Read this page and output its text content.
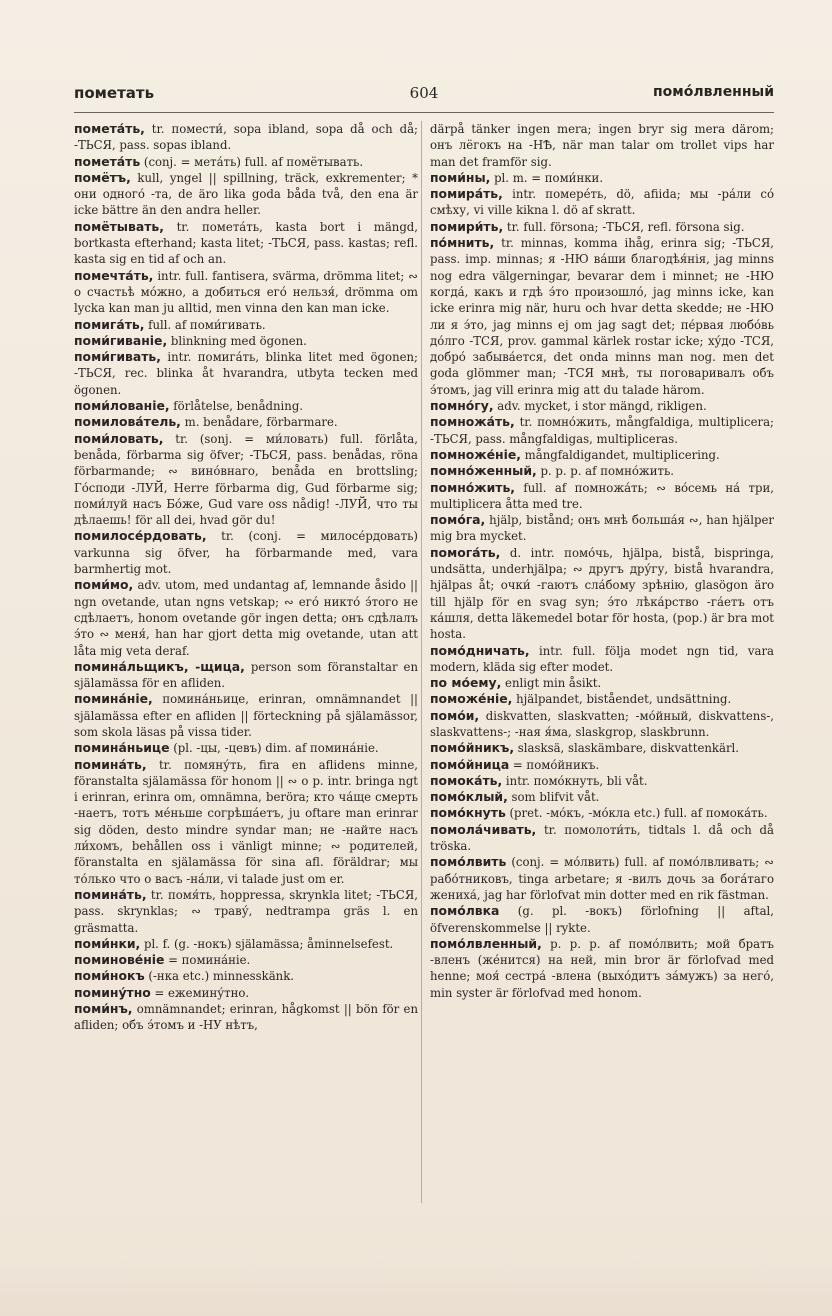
пометать	604	помо́лвленный

помета́ть, tr. помести́, sopa ibland, sopa då och då; -ТЬСЯ, pass. sopas ibland.

помета́ть (conj. = мета́ть) full. af помётывать.

помётъ, kull, yngel || spillning, träck, exkrementer; * они одного́ -та, de äro lika goda båda två, den ena är icke bättre än den andra heller.

помётывать, tr. помета́ть, kasta bort i mängd, bortkasta efterhand; kasta litet; -ТЬСЯ, pass. kastas; refl. kasta sig en tid af och an.

помечта́ть, intr. full. fantisera, svärma, drömma litet; ∾ о счастьѣ мо́жно, а добиться его́ нельзя́, drömma om lycka kan man ju alltid, men vinna den kan man icke.

помига́ть, full. af поми́гивать.

поми́гиванiе, blinkning med ögonen.

поми́гивать, intr. помига́ть, blinka litet med ögonen; -ТЬСЯ, rec. blinka åt hvarandra, utbyta tecken med ögonen.

поми́лованiе, förlåtelse, benådning.

помилова́тель, m. benådare, förbarmare.

поми́ловать, tr. (sonj. = ми́ловать) full. förlåta, benåda, förbarma sig öfver; -ТЬСЯ, pass. benådas, röna förbarmande; ∾ вино́внаго, benåda en brottsling; Го́споди -ЛУЙ, Herre förbarma dig, Gud förbarme sig; поми́луй насъ Бо́же, Gud vare oss nådig! -ЛУЙ, что ты дѣлаешь! för all dei, hvad gör du!

помилосе́рдовать, tr. (conj. = милосе́рдовать) varkunna sig öfver, ha förbarmande med, vara barmhertig mot.

поми́мо, adv. utom, med undantag af, lemnande åsido || ngn ovetande, utan ngns vetskap; ∾ его́ никто́ э́того не сдѣлаетъ, honom ovetande gör ingen detta; онъ сдѣлалъ э́то ∾ меня́, han har gjort detta mig ovetande, utan att låta mig veta deraf.

помина́льщикъ, -щица, person som föranstaltar en själamässa för en afliden.

помина́нiе, помина́ньице, erinran, omnämnandet || själamässa efter en afliden || förteckning på själamässor, som skola läsas på vissa tider.

помина́ньице (pl. -цы, -цевъ) dim. af помина́нiе.

помина́ть, tr. помяну́ть, fira en aflidens minne, föranstalta själamässa för honom || ∾ о p. intr. bringa ngt i erinran, erinra om, omnämna, beröra; кто ча́ще смерть -наетъ, тотъ ме́ньше согрѣша́етъ, ju oftare man erinrar sig döden, desto mindre syndar man; не -найте насъ ли́хомъ, behållen oss i vänligt minne; ∾ родителей, föranstalta en själamässa för sina afl. föräldrar; мы то́лько что о васъ -на́ли, vi talade just om er.

помина́ть, tr. помя́ть, hoppressa, skrynkla litet; -ТЬСЯ, pass. skrynklas; ∾ траву́, nedtrampa gräs l. en gräsmatta.

поми́нки, pl. f. (g. -нокъ) själamässa; åminnelsefest.

поминове́нiе = помина́нiе.

поми́нокъ (-нка etc.) minnesskänk.

помину́тно = ежемину́тно.

поми́нъ, omnämnandet; erinran, hågkomst || bön för en afliden; объ э́томъ и -НУ нѣтъ,

därpå tänker ingen mera; ingen bryr sig mera därom; онъ лёгокъ на -НѢ, när man talar om trollet vips har man det framför sig.

поми́ны, pl. m. = поми́нки.

помира́ть, intr. помере́ть, dö, afiida; мы -ра́ли со́ смѣху, vi ville kikna l. dö af skratt.

помири́ть, tr. full. försona; -ТЬСЯ, refl. försona sig.

по́мнить, tr. minnas, komma ihåg, erinra sig; -ТЬСЯ, pass. imp. minnas; я -НЮ ва́ши благодѣя́нiя, jag minns nog edra välgerningar, bevarar dem i minnet; не -НЮ когда́, какъ и гдѣ э́то произошло́, jag minns icke, kan icke erinra mig när, huru och hvar detta skedde; не -НЮ ли я э́то, jag minns ej om jag sagt det; пе́рвая любо́вь до́лго -ТСЯ, prov. gammal kärlek rostar icke; ху́до -ТСЯ, добро́ забыва́ется, det onda minns man nog. men det goda glömmer man; -ТСЯ мнѣ, ты поговаривалъ объ э́томъ, jag vill erinra mig att du talade härom.

помно́гу, adv. mycket, i stor mängd, rikligen.

помножа́ть, tr. помно́жить, mångfaldiga, multiplicera; -ТЬСЯ, pass. mångfaldigas, multipliceras.

помноже́нiе, mångfaldigandet, multiplicering.

помно́женный, p. p. p. af помно́жить.

помно́жить, full. af помножа́ть; ∾ во́семь на́ три, multiplicera åtta med tre.

помо́га, hjälp, bistånd; онъ мнѣ больша́я ∾, han hjälper mig bra mycket.

помога́ть, d. intr. помо́чь, hjälpa, bistå, bispringa, undsätta, underhjälpa; ∾ другъ дру́гу, bistå hvarandra, hjälpas åt; очки́ -гаютъ сла́бому зрѣнiю, glasögon äro till hjälp för en svag syn; э́то лѣка́рство -га́етъ отъ ка́шля, detta läkemedel botar för hosta, (pop.) är bra mot hosta.

помо́дничать, intr. full. följa modet ngn tid, vara modern, kläda sig efter modet.

по мо́ему, enligt min åsikt.

поможе́нiе, hjälpandet, biståendet, undsättning.

помо́и, diskvatten, slaskvatten; -мо́йный, diskvattens-, slaskvattens-; -ная я́ма, slaskgrop, slaskbrunn.

помо́йникъ, slasksä, slaskämbare, diskvattenkärl.

помо́йница = помо́йникъ.

помока́ть, intr. помо́кнуть, bli våt.

помо́клый, som blifvit våt.

помо́кнуть (pret. -мо́къ, -мо́кла etc.) full. af помока́ть.

помола́чивать, tr. помолоти́ть, tidtals l. då och då tröska.

помо́лвить (conj. = мо́лвить) full. af помо́лвливать; ∾ рабо́тниковъ, tinga arbetare; я -вилъ дочь за бога́таго жениха́, jag har förlofvat min dotter med en rik fästman.

помо́лвка (g. pl. -вокъ) förlofning || aftal, öfverenskommelse || rykte.

помо́лвленный, p. p. p. af помо́лвить; мой братъ -вленъ (же́нится) на ней, min bror är förlofvad med henne; моя́ сестра́ -влена (выхо́дитъ за́мужъ) за него́, min syster är förlofvad med honom.
